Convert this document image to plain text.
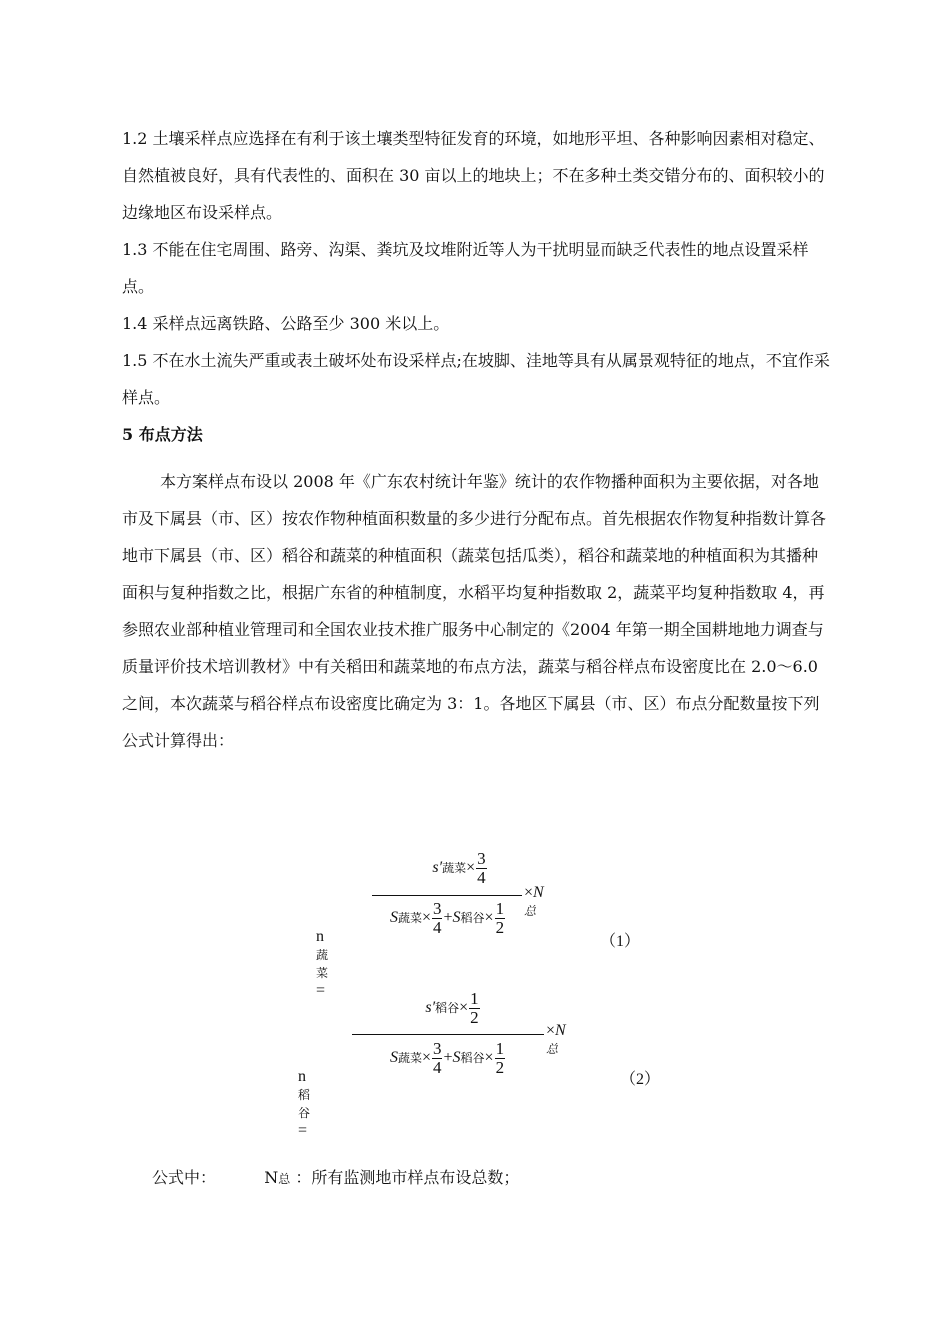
1.2 土壤采样点应选择在有利于该土壤类型特征发育的环境，如地形平坦、各种影响因素相对稳定、自然植被良好，具有代表性的、面积在 30 亩以上的地块上；不在多种土类交错分布的、面积较小的边缘地区布设采样点。

1.3 不能在住宅周围、路旁、沟渠、粪坑及坟堆附近等人为干扰明显而缺乏代表性的地点设置采样点。

1.4 采样点远离铁路、公路至少 300 米以上。

1.5 不在水土流失严重或表土破坏处布设采样点;在坡脚、洼地等具有从属景观特征的地点，不宜作采样点。

5 布点方法

本方案样点布设以 2008 年《广东农村统计年鉴》统计的农作物播种面积为主要依据，对各地市及下属县（市、区）按农作物种植面积数量的多少进行分配布点。首先根据农作物复种指数计算各地市下属县（市、区）稻谷和蔬菜的种植面积（蔬菜包括瓜类），稻谷和蔬菜地的种植面积为其播种面积与复种指数之比，根据广东省的种植制度，水稻平均复种指数取 2，蔬菜平均复种指数取 4，再参照农业部种植业管理司和全国农业技术推广服务中心制定的《2004 年第一期全国耕地地力调查与质量评价技术培训教材》中有关稻田和蔬菜地的布点方法，蔬菜与稻谷样点布设密度比在 2.0～6.0 之间，本次蔬菜与稻谷样点布设密度比确定为 3：1。各地区下属县（市、区）布点分配数量按下列公式计算得出：

n蔬菜=
s′蔬菜× $\frac{3}{4}$
S蔬菜× $\frac{3}{4} +S$稻谷× $\frac{1}{2}$
×N总
（1）
n稻谷=
s′稻谷× $\frac{1}{2}$
S蔬菜× $\frac{3}{4} +S$稻谷× $\frac{1}{2}$
×N总
（2）
公式中：	N总 ：所有监测地市样点布设总数；
